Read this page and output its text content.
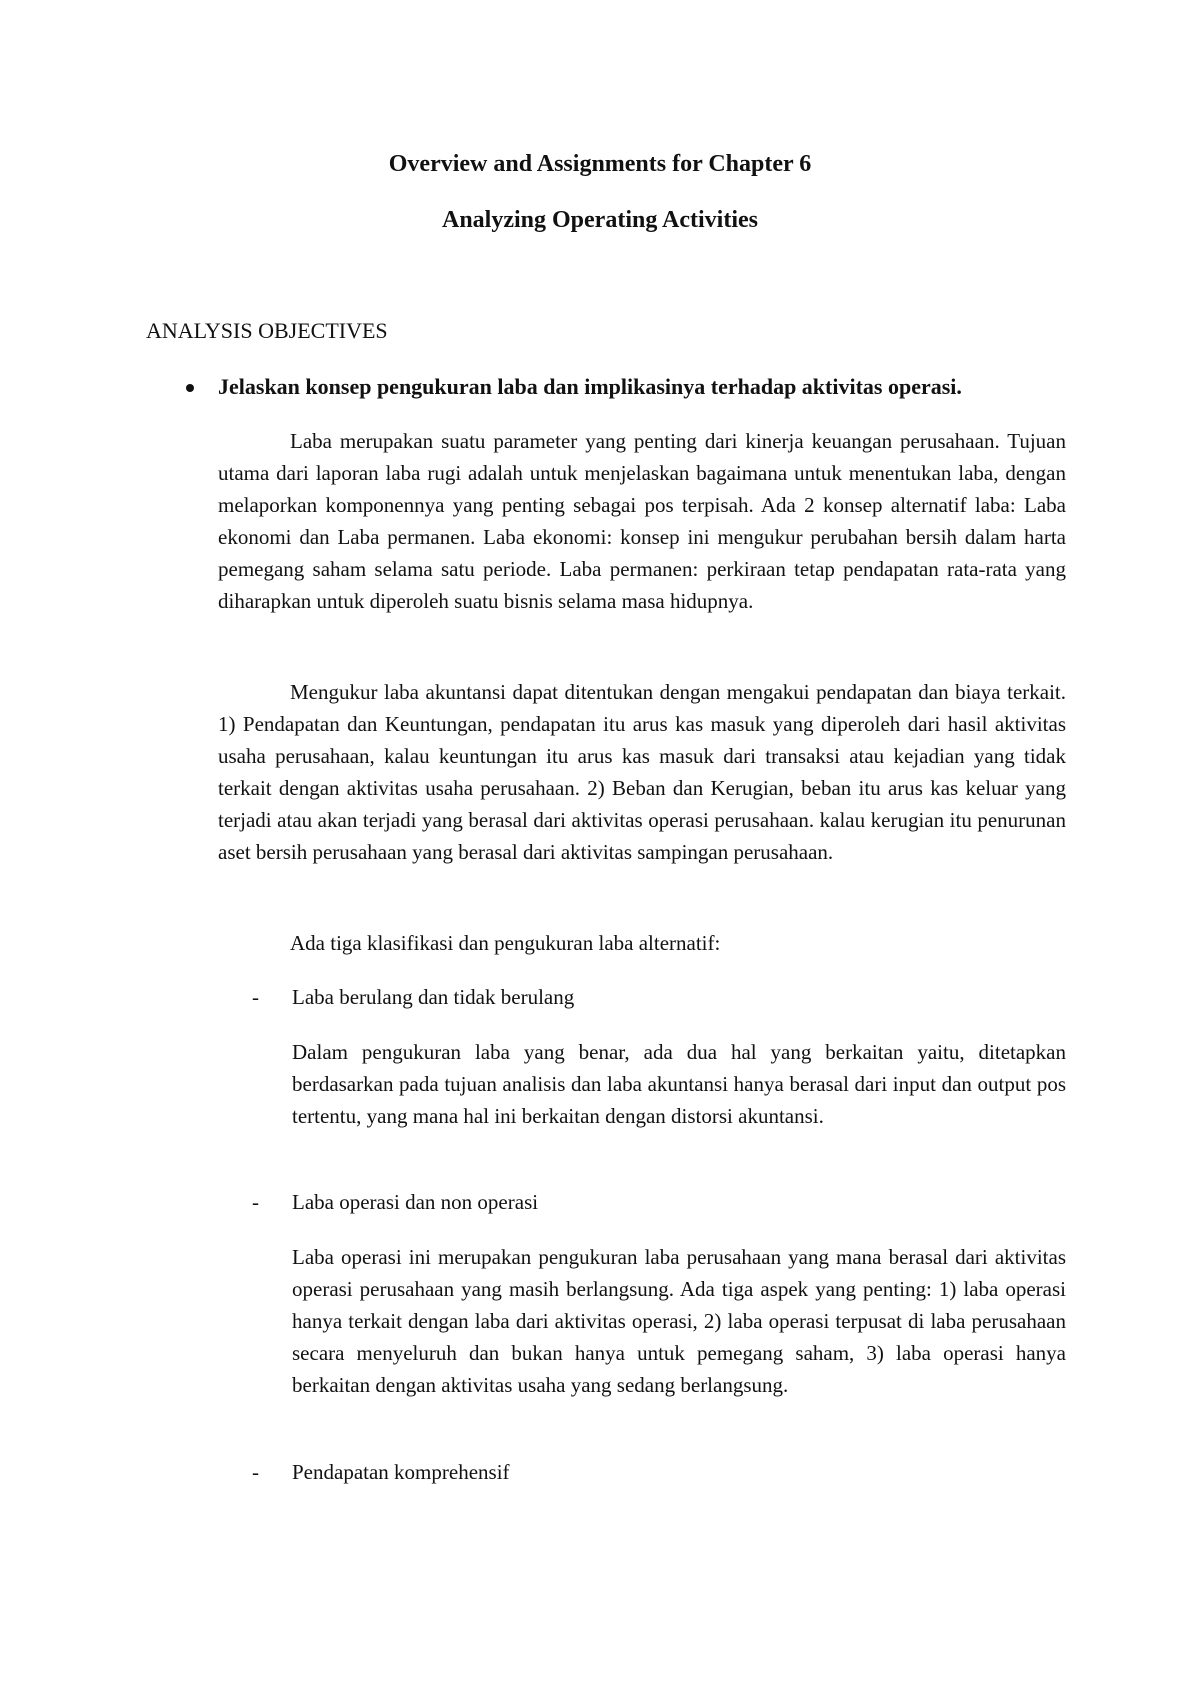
Overview and Assignments for Chapter 6
Analyzing Operating Activities
ANALYSIS OBJECTIVES
Jelaskan konsep pengukuran laba dan implikasinya terhadap aktivitas operasi.

Laba merupakan suatu parameter yang penting dari kinerja keuangan perusahaan. Tujuan utama dari laporan laba rugi adalah untuk menjelaskan bagaimana untuk menentukan laba, dengan melaporkan komponennya yang penting sebagai pos terpisah. Ada 2 konsep alternatif laba: Laba ekonomi dan Laba permanen. Laba ekonomi: konsep ini mengukur perubahan bersih dalam harta pemegang saham selama satu periode. Laba permanen: perkiraan tetap pendapatan rata-rata yang diharapkan untuk diperoleh suatu bisnis selama masa hidupnya.

Mengukur laba akuntansi dapat ditentukan dengan mengakui pendapatan dan biaya terkait. 1) Pendapatan dan Keuntungan, pendapatan itu arus kas masuk yang diperoleh dari hasil aktivitas usaha perusahaan, kalau keuntungan itu arus kas masuk dari transaksi atau kejadian yang tidak terkait dengan aktivitas usaha perusahaan. 2) Beban dan Kerugian, beban itu arus kas keluar yang terjadi atau akan terjadi yang berasal dari aktivitas operasi perusahaan. kalau kerugian itu penurunan aset bersih perusahaan yang berasal dari aktivitas sampingan perusahaan.

Ada tiga klasifikasi dan pengukuran laba alternatif:

- Laba berulang dan tidak berulang

Dalam pengukuran laba yang benar, ada dua hal yang berkaitan yaitu, ditetapkan berdasarkan pada tujuan analisis dan laba akuntansi hanya berasal dari input dan output pos tertentu, yang mana hal ini berkaitan dengan distorsi akuntansi.

- Laba operasi dan non operasi

Laba operasi ini merupakan pengukuran laba perusahaan yang mana berasal dari aktivitas operasi perusahaan yang masih berlangsung. Ada tiga aspek yang penting: 1) laba operasi hanya terkait dengan laba dari aktivitas operasi, 2) laba operasi terpusat di laba perusahaan secara menyeluruh dan bukan hanya untuk pemegang saham, 3) laba operasi hanya berkaitan dengan aktivitas usaha yang sedang berlangsung.

- Pendapatan komprehensif
